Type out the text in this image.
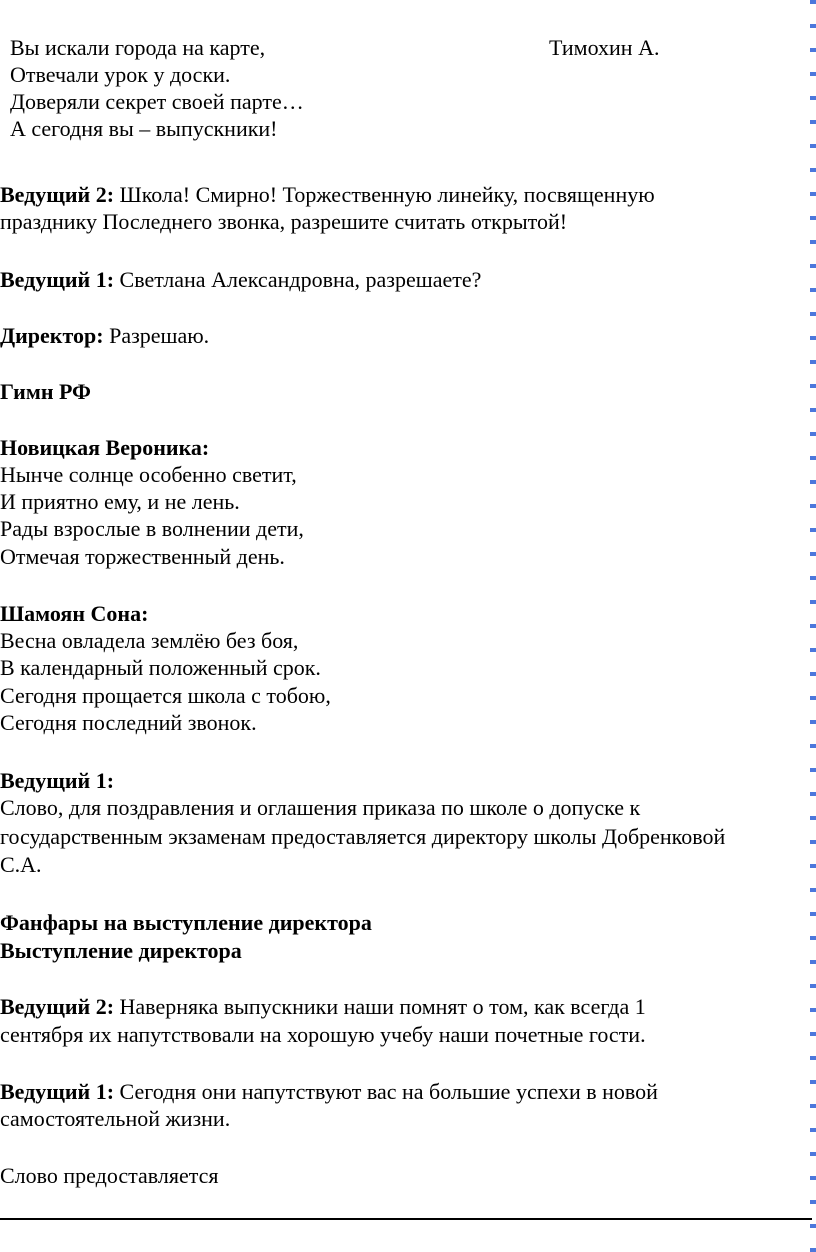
Вы искали города на карте,	Тимохин А.
Отвечали урок у доски.
Доверяли секрет своей парте…
А сегодня вы – выпускники!
Ведущий 2: Школа! Смирно! Торжественную линейку, посвященную
празднику Последнего звонка, разрешите считать открытой!
Ведущий 1: Светлана Александровна, разрешаете?
Директор: Разрешаю.
Гимн РФ
Новицкая Вероника:
Нынче солнце особенно светит,
И приятно ему, и не лень.
Рады взрослые в волнении дети,
Отмечая торжественный день.
Шамоян Сона:
Весна овладела землёю без боя,
В календарный положенный срок.
Сегодня прощается школа с тобою,
Сегодня последний звонок.
Ведущий 1:
Слово, для поздравления и оглашения приказа по школе о допуске к
государственным экзаменам предоставляется директору школы Добренковой
С.А.
Фанфары на выступление директора
Выступление директора
Ведущий 2: Наверняка выпускники наши помнят о том, как всегда 1
сентября их напутствовали на хорошую учебу наши почетные гости.
Ведущий 1: Сегодня они напутствуют вас на большие успехи в новой
самостоятельной жизни.
Слово предоставляется
